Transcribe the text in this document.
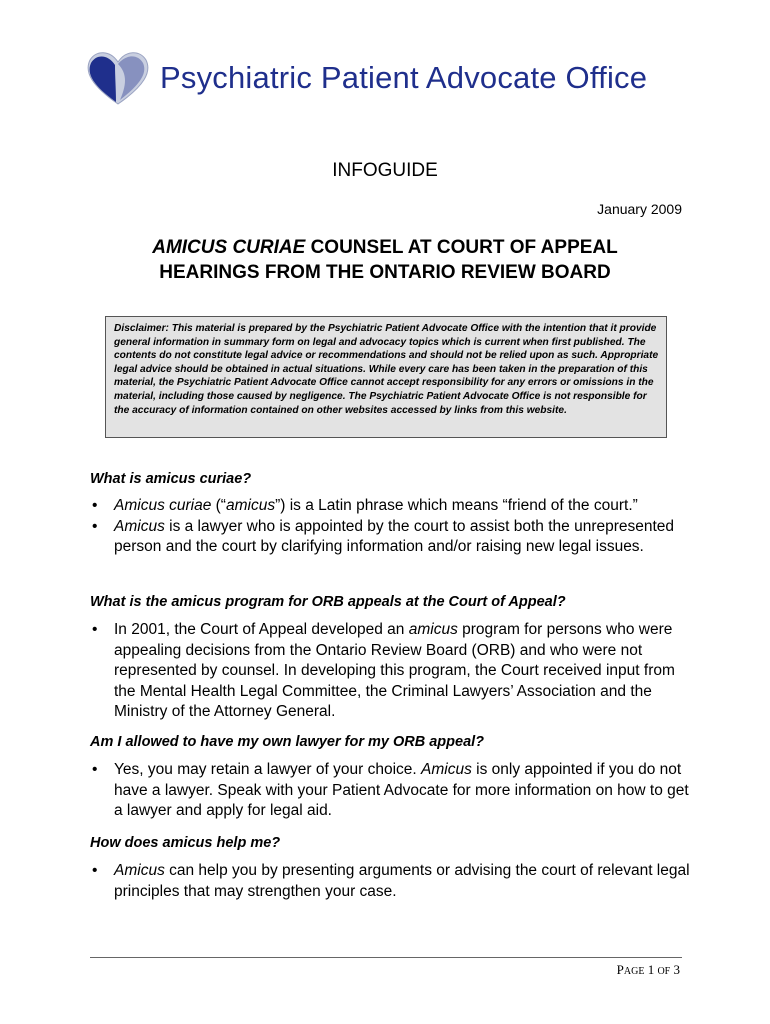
Psychiatric Patient Advocate Office
INFOGUIDE
January 2009
AMICUS CURIAE COUNSEL AT COURT OF APPEAL
HEARINGS FROM THE ONTARIO REVIEW BOARD
Disclaimer: This material is prepared by the Psychiatric Patient Advocate Office with the intention that it provide general information in summary form on legal and advocacy topics which is current when first published. The contents do not constitute legal advice or recommendations and should not be relied upon as such. Appropriate legal advice should be obtained in actual situations. While every care has been taken in the preparation of this material, the Psychiatric Patient Advocate Office cannot accept responsibility for any errors or omissions in the material, including those caused by negligence. The Psychiatric Patient Advocate Office is not responsible for the accuracy of information contained on other websites accessed by links from this website.

What is amicus curiae?

• Amicus curiae (“amicus”) is a Latin phrase which means “friend of the court.”
• Amicus is a lawyer who is appointed by the court to assist both the unrepresented person and the court by clarifying information and/or raising new legal issues.

What is the amicus program for ORB appeals at the Court of Appeal?

• In 2001, the Court of Appeal developed an amicus program for persons who were appealing decisions from the Ontario Review Board (ORB) and who were not represented by counsel. In developing this program, the Court received input from the Mental Health Legal Committee, the Criminal Lawyers’ Association and the Ministry of the Attorney General.

Am I allowed to have my own lawyer for my ORB appeal?

• Yes, you may retain a lawyer of your choice. Amicus is only appointed if you do not have a lawyer. Speak with your Patient Advocate for more information on how to get a lawyer and apply for legal aid.

How does amicus help me?

• Amicus can help you by presenting arguments or advising the court of relevant legal principles that may strengthen your case.
PAGE 1 OF 3
